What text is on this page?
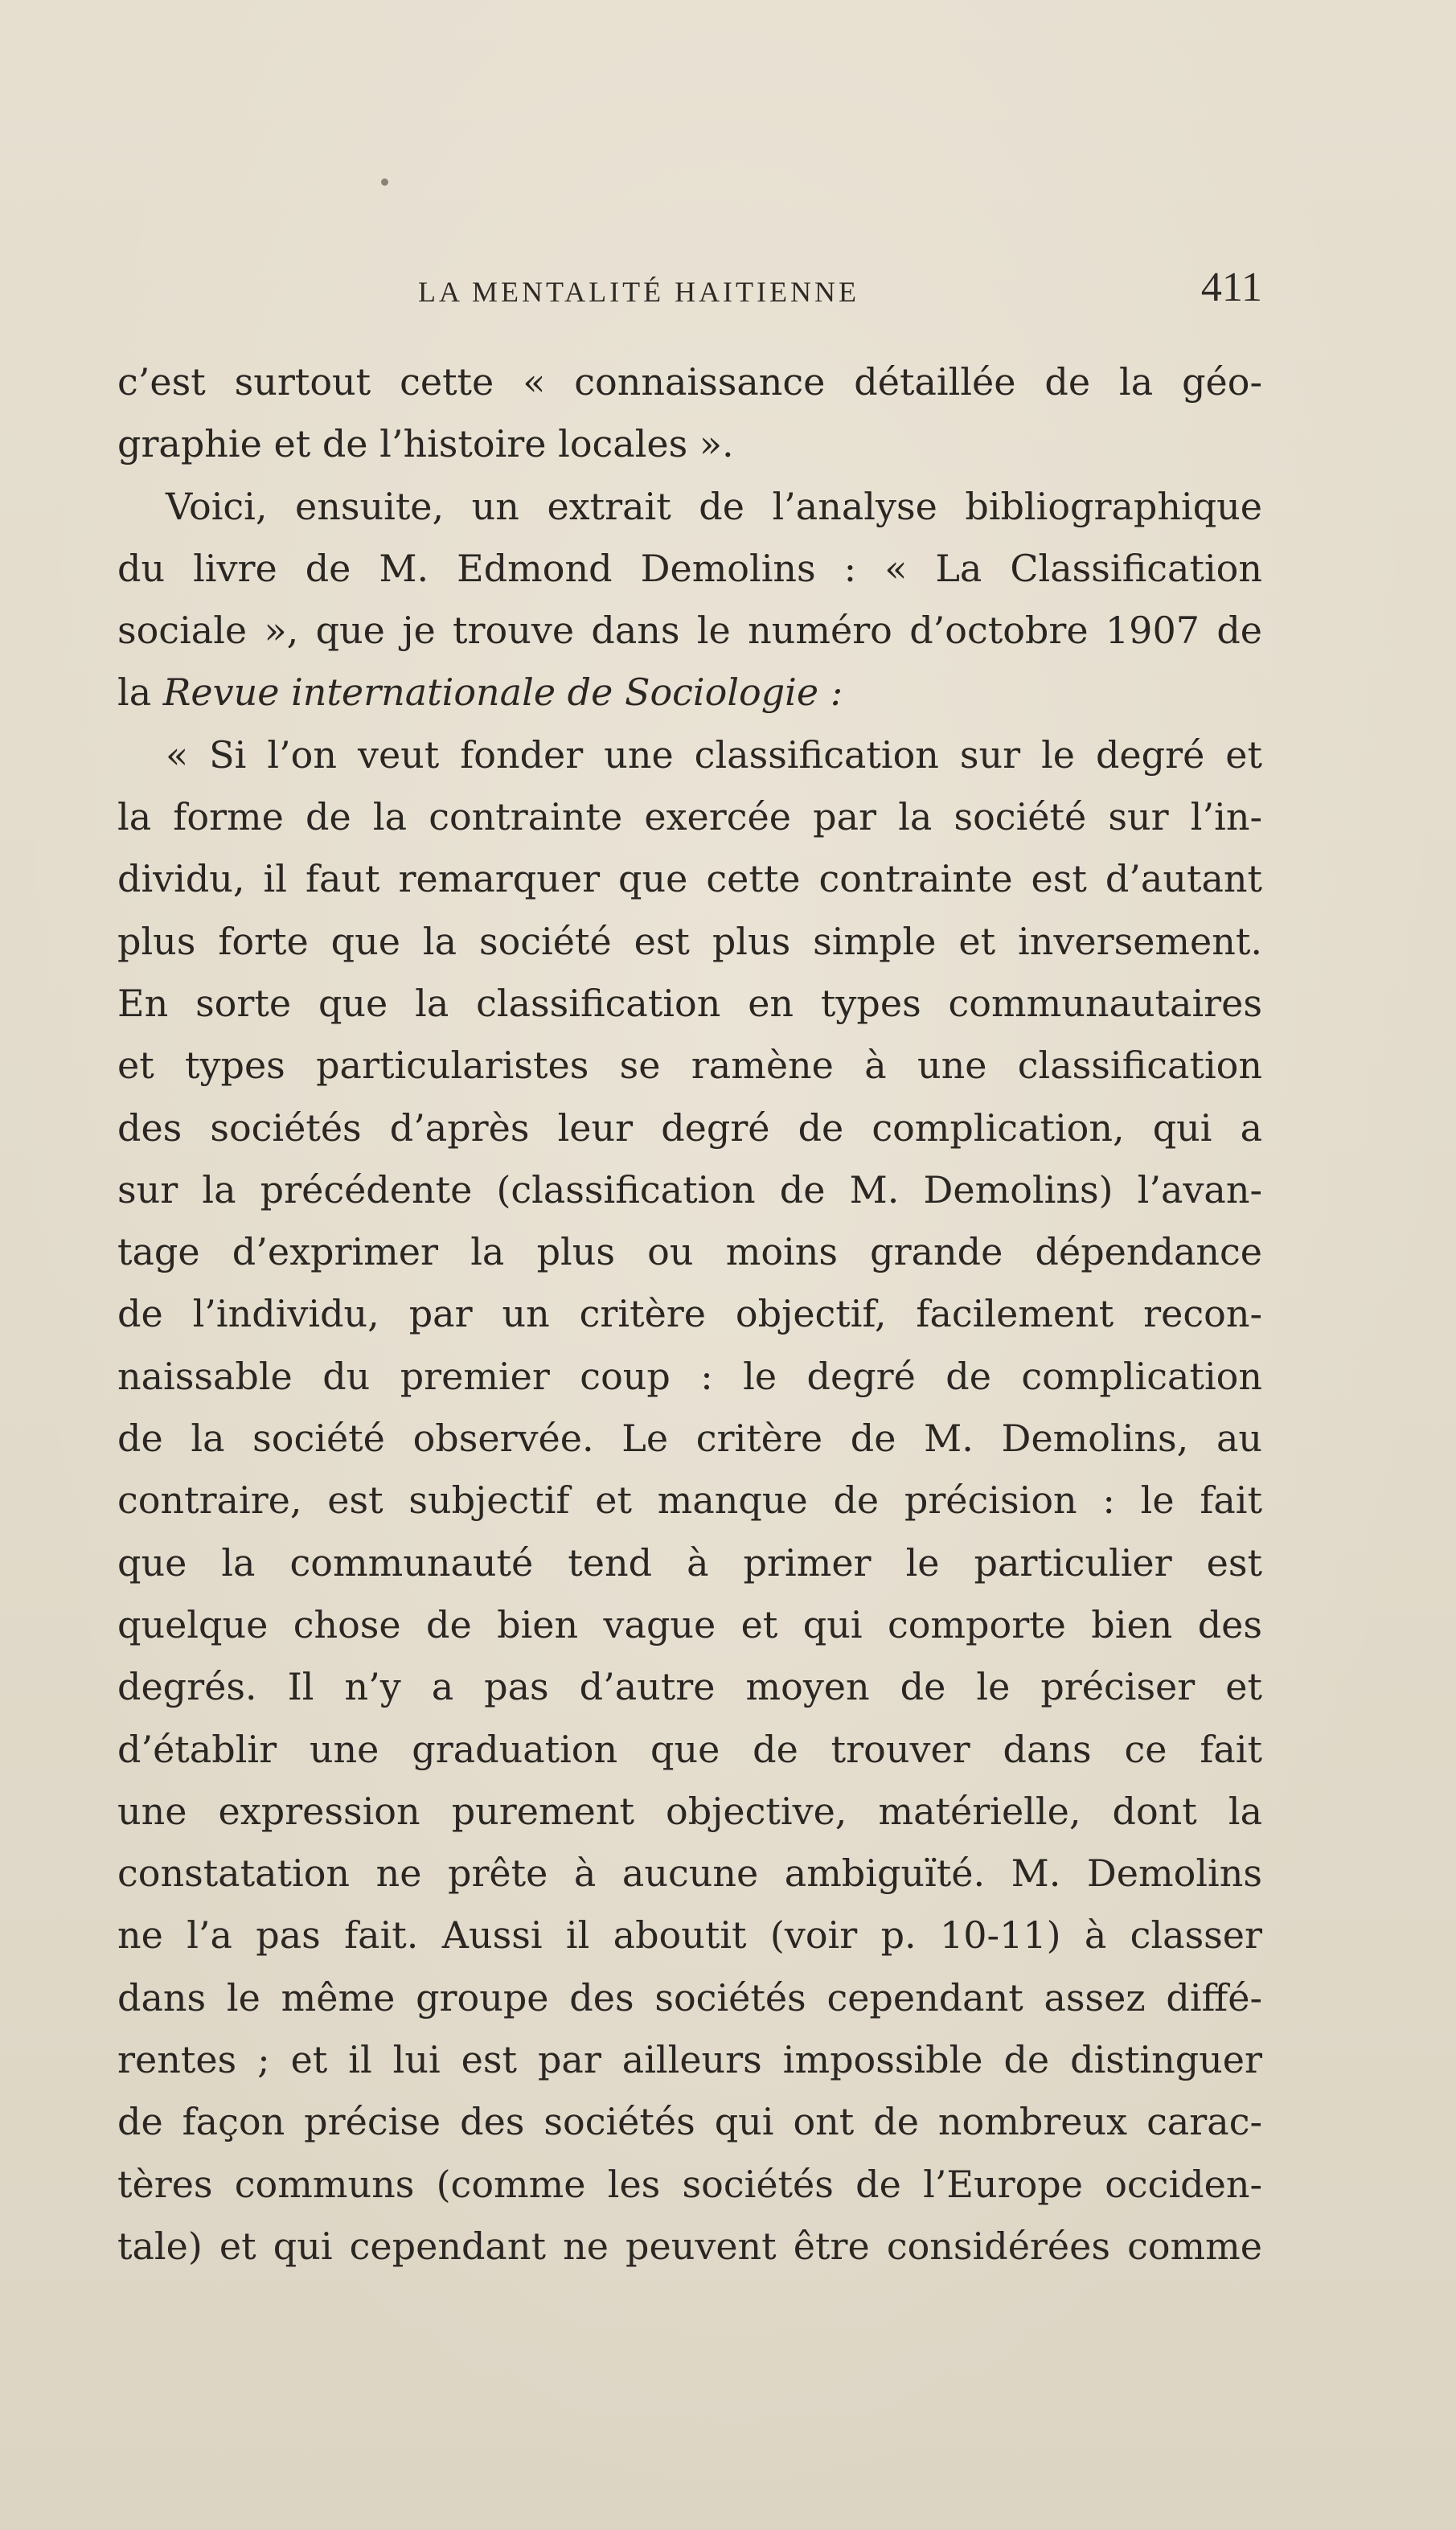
LA MENTALITÉ HAITIENNE	411
c’est surtout cette « connaissance détaillée de la géo-
graphie et de l’histoire locales ».
Voici, ensuite, un extrait de l’analyse bibliographique
du livre de M. Edmond Demolins : « La Classification
sociale », que je trouve dans le numéro d’octobre 1907 de
la Revue internationale de Sociologie :
« Si l’on veut fonder une classification sur le degré et
la forme de la contrainte exercée par la société sur l’in-
dividu, il faut remarquer que cette contrainte est d’autant
plus forte que la société est plus simple et inversement.
En sorte que la classification en types communautaires
et types particularistes se ramène à une classification
des sociétés d’après leur degré de complication, qui a
sur la précédente (classification de M. Demolins) l’avan-
tage d’exprimer la plus ou moins grande dépendance
de l’individu, par un critère objectif, facilement recon-
naissable du premier coup : le degré de complication
de la société observée. Le critère de M. Demolins, au
contraire, est subjectif et manque de précision : le fait
que la communauté tend à primer le particulier est
quelque chose de bien vague et qui comporte bien des
degrés. Il n’y a pas d’autre moyen de le préciser et
d’établir une graduation que de trouver dans ce fait
une expression purement objective, matérielle, dont la
constatation ne prête à aucune ambiguïté. M. Demolins
ne l’a pas fait. Aussi il aboutit (voir p. 10-11) à classer
dans le même groupe des sociétés cependant assez diffé-
rentes ; et il lui est par ailleurs impossible de distinguer
de façon précise des sociétés qui ont de nombreux carac-
tères communs (comme les sociétés de l’Europe occiden-
tale) et qui cependant ne peuvent être considérées comme
